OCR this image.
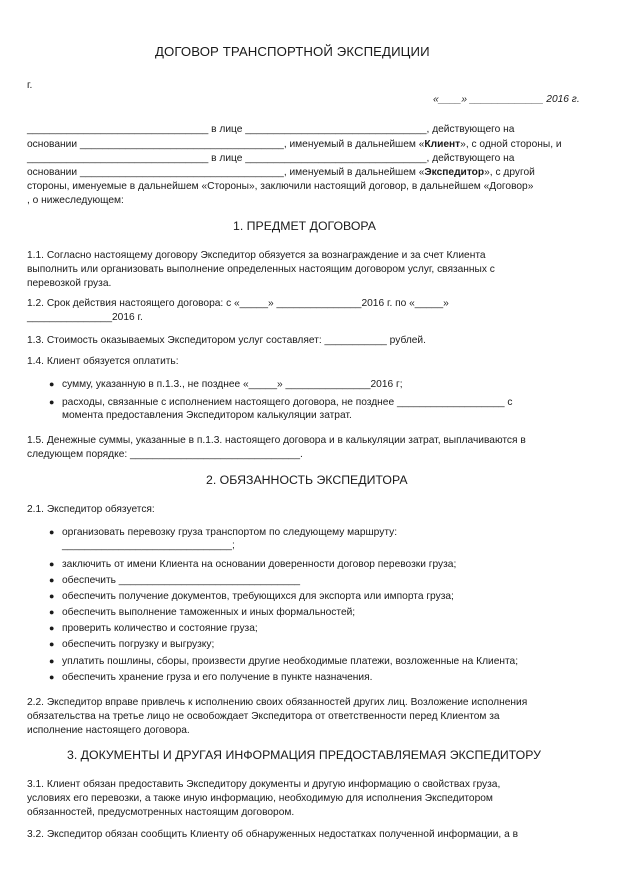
ДОГОВОР ТРАНСПОРТНОЙ ЭКСПЕДИЦИИ
г.
«____» _____________ 2016 г.
________________________________ в лице ________________________________, действующего на
основании ____________________________________, именуемый в дальнейшем «Клиент», с одной стороны, и
________________________________ в лице ________________________________, действующего на
основании ____________________________________, именуемый в дальнейшем «Экспедитор», с другой
стороны, именуемые в дальнейшем «Стороны», заключили настоящий договор, в дальнейшем «Договор»
, о нижеследующем:
1. ПРЕДМЕТ ДОГОВОРА
1.1. Согласно настоящему договору Экспедитор обязуется за вознаграждение и за счет Клиента
выполнить или организовать выполнение определенных настоящим договором услуг, связанных с
перевозкой груза.
1.2. Срок действия настоящего договора: с «_____» _______________2016 г. по «_____»
_______________2016 г.
1.3. Стоимость оказываемых Экспедитором услуг составляет: ___________ рублей.
1.4. Клиент обязуется оплатить:
● сумму, указанную в п.1.3., не позднее «_____» _______________2016 г;
● расходы, связанные с исполнением настоящего договора, не позднее ___________________ с
момента предоставления Экспедитором калькуляции затрат.
1.5. Денежные суммы, указанные в п.1.3. настоящего договора и в калькуляции затрат, выплачиваются в
следующем порядке: ______________________________.
2. ОБЯЗАННОСТЬ ЭКСПЕДИТОРА
2.1. Экспедитор обязуется:
● организовать перевозку груза транспортом по следующему маршруту:
______________________________;
● заключить от имени Клиента на основании доверенности договор перевозки груза;
● обеспечить ________________________________
● обеспечить получение документов, требующихся для экспорта или импорта груза;
● обеспечить выполнение таможенных и иных формальностей;
● проверить количество и состояние груза;
● обеспечить погрузку и выгрузку;
● уплатить пошлины, сборы, произвести другие необходимые платежи, возложенные на Клиента;
● обеспечить хранение груза и его получение в пункте назначения.
2.2. Экспедитор вправе привлечь к исполнению своих обязанностей других лиц. Возложение исполнения
обязательства на третье лицо не освобождает Экспедитора от ответственности перед Клиентом за
исполнение настоящего договора.
3. ДОКУМЕНТЫ И ДРУГАЯ ИНФОРМАЦИЯ ПРЕДОСТАВЛЯЕМАЯ ЭКСПЕДИТОРУ
3.1. Клиент обязан предоставить Экспедитору документы и другую информацию о свойствах груза,
условиях его перевозки, а также иную информацию, необходимую для исполнения Экспедитором
обязанностей, предусмотренных настоящим договором.
3.2. Экспедитор обязан сообщить Клиенту об обнаруженных недостатках полученной информации, а в
